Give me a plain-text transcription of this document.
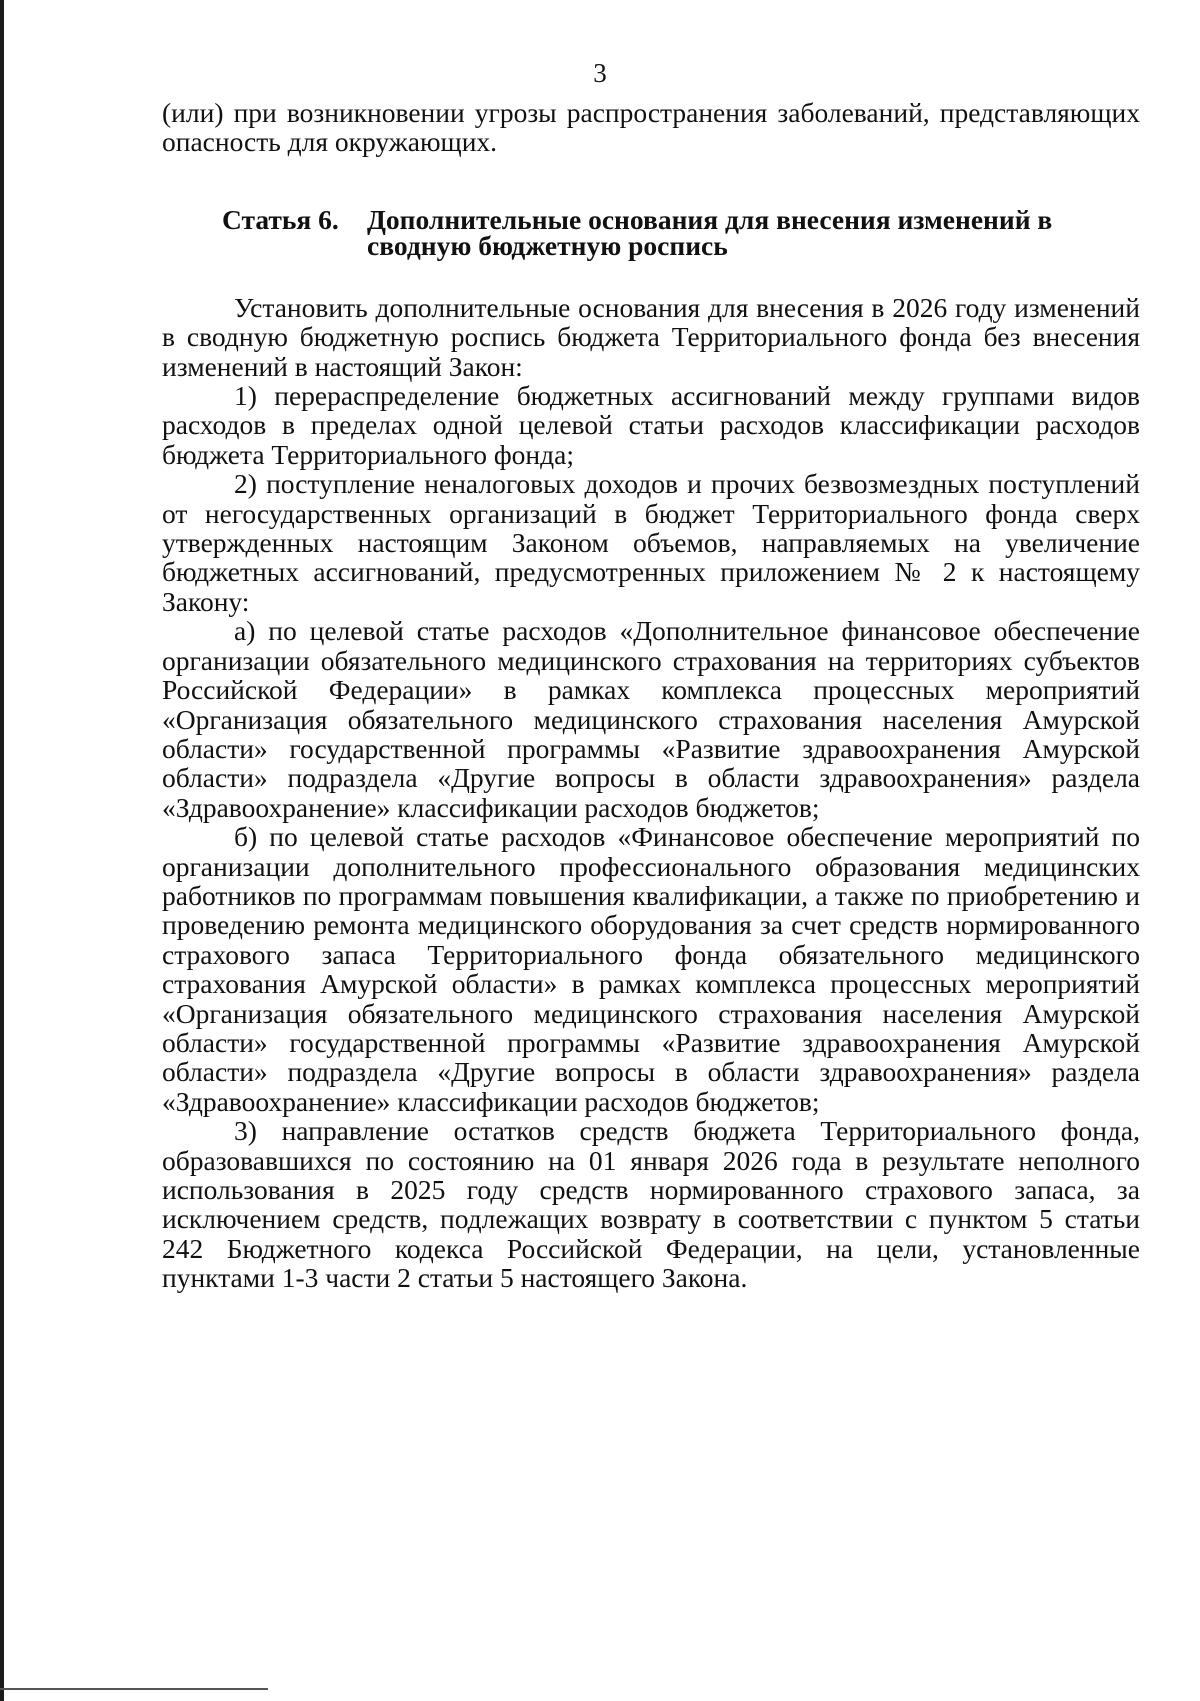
3

(или) при возникновении угрозы распространения заболеваний, представляющих опасность для окружающих.

Статья 6.	Дополнительные основания для внесения изменений в сводную бюджетную роспись

Установить дополнительные основания для внесения в 2026 году изменений в сводную бюджетную роспись бюджета Территориального фонда без внесения изменений в настоящий Закон:

1) перераспределение бюджетных ассигнований между группами видов расходов в пределах одной целевой статьи расходов классификации расходов бюджета Территориального фонда;

2) поступление неналоговых доходов и прочих безвозмездных поступлений от негосударственных организаций в бюджет Территориального фонда сверх утвержденных настоящим Законом объемов, направляемых на увеличение бюджетных ассигнований, предусмотренных приложением № 2 к настоящему Закону:

а) по целевой статье расходов «Дополнительное финансовое обеспечение организации обязательного медицинского страхования на территориях субъектов Российской Федерации» в рамках комплекса процессных мероприятий «Организация обязательного медицинского страхования населения Амурской области» государственной программы «Развитие здравоохранения Амурской области» подраздела «Другие вопросы в области здравоохранения» раздела «Здравоохранение» классификации расходов бюджетов;

б) по целевой статье расходов «Финансовое обеспечение мероприятий по организации дополнительного профессионального образования медицинских работников по программам повышения квалификации, а также по приобретению и проведению ремонта медицинского оборудования за счет средств нормированного страхового запаса Территориального фонда обязательного медицинского страхования Амурской области» в рамках комплекса процессных мероприятий «Организация обязательного медицинского страхования населения Амурской области» государственной программы «Развитие здравоохранения Амурской области» подраздела «Другие вопросы в области здравоохранения» раздела «Здравоохранение» классификации расходов бюджетов;

3) направление остатков средств бюджета Территориального фонда, образовавшихся по состоянию на 01 января 2026 года в результате неполного использования в 2025 году средств нормированного страхового запаса, за исключением средств, подлежащих возврату в соответствии с пунктом 5 статьи 242 Бюджетного кодекса Российской Федерации, на цели, установленные пунктами 1-3 части 2 статьи 5 настоящего Закона.
